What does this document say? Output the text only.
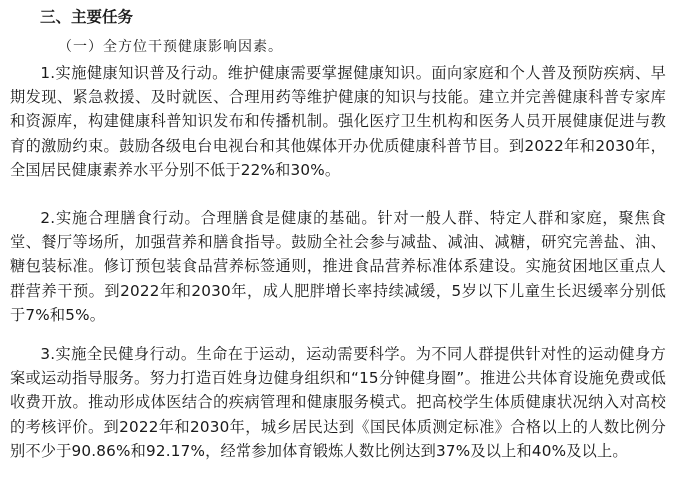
三、主要任务
（一）全方位干预健康影响因素。

1.实施健康知识普及行动。维护健康需要掌握健康知识。面向家庭和个人普及预防疾病、早期发现、紧急救援、及时就医、合理用药等维护健康的知识与技能。建立并完善健康科普专家库和资源库，构建健康科普知识发布和传播机制。强化医疗卫生机构和医务人员开展健康促进与教育的激励约束。鼓励各级电台电视台和其他媒体开办优质健康科普节目。到2022年和2030年，全国居民健康素养水平分别不低于22%和30%。

2.实施合理膳食行动。合理膳食是健康的基础。针对一般人群、特定人群和家庭，聚焦食堂、餐厅等场所，加强营养和膳食指导。鼓励全社会参与减盐、减油、减糖，研究完善盐、油、糖包装标准。修订预包装食品营养标签通则，推进食品营养标准体系建设。实施贫困地区重点人群营养干预。到2022年和2030年，成人肥胖增长率持续减缓，5岁以下儿童生长迟缓率分别低于7%和5%。

3.实施全民健身行动。生命在于运动，运动需要科学。为不同人群提供针对性的运动健身方案或运动指导服务。努力打造百姓身边健身组织和“15分钟健身圈”。推进公共体育设施免费或低收费开放。推动形成体医结合的疾病管理和健康服务模式。把高校学生体质健康状况纳入对高校的考核评价。到2022年和2030年，城乡居民达到《国民体质测定标准》合格以上的人数比例分别不少于90.86%和92.17%，经常参加体育锻炼人数比例达到37%及以上和40%及以上。
